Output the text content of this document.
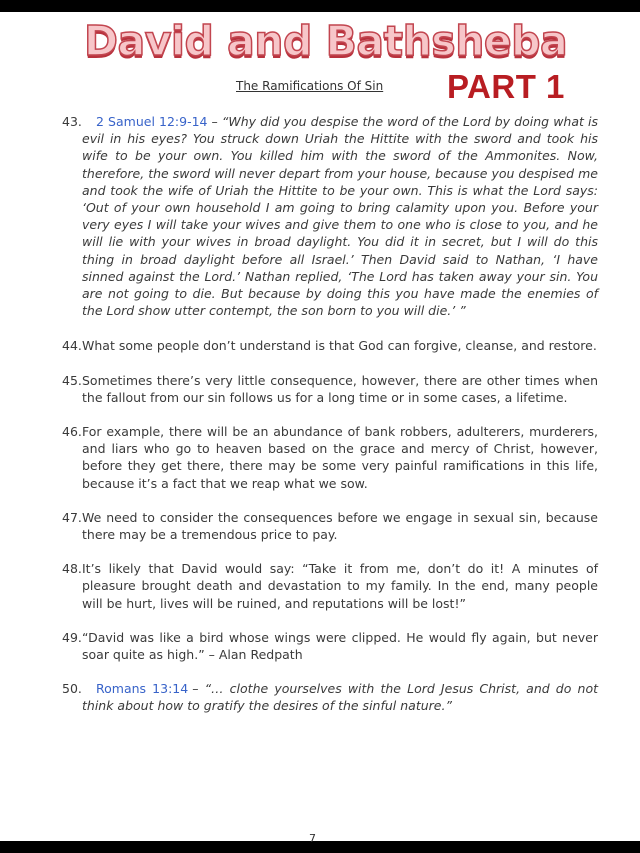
David and Bathsheba
The Ramifications Of Sin PART 1
43.	2 Samuel 12:9-14 – “Why did you despise the word of the Lord by doing what is evil in his eyes? You struck down Uriah the Hittite with the sword and took his wife to be your own. You killed him with the sword of the Ammonites. Now, therefore, the sword will never depart from your house, because you despised me and took the wife of Uriah the Hittite to be your own. This is what the Lord says: ‘Out of your own household I am going to bring calamity upon you. Before your very eyes I will take your wives and give them to one who is close to you, and he will lie with your wives in broad daylight. You did it in secret, but I will do this thing in broad daylight before all Israel.’ Then David said to Nathan, ‘I have sinned against the Lord.’ Nathan replied, ‘The Lord has taken away your sin. You are not going to die. But because by doing this you have made the enemies of the Lord show utter contempt, the son born to you will die.’ ”
44. What some people don’t understand is that God can forgive, cleanse, and restore.
45. Sometimes there’s very little consequence, however, there are other times when the fallout from our sin follows us for a long time or in some cases, a lifetime.
46. For example, there will be an abundance of bank robbers, adulterers, murderers, and liars who go to heaven based on the grace and mercy of Christ, however, before they get there, there may be some very painful ramifications in this life, because it’s a fact that we reap what we sow.
47. We need to consider the consequences before we engage in sexual sin, because there may be a tremendous price to pay.
48. It’s likely that David would say: “Take it from me, don’t do it! A minutes of pleasure brought death and devastation to my family. In the end, many people will be hurt, lives will be ruined, and reputations will be lost!”
49. “David was like a bird whose wings were clipped. He would fly again, but never soar quite as high.” – Alan Redpath
50.	Romans 13:14 – “… clothe yourselves with the Lord Jesus Christ, and do not think about how to gratify the desires of the sinful nature.”
7
